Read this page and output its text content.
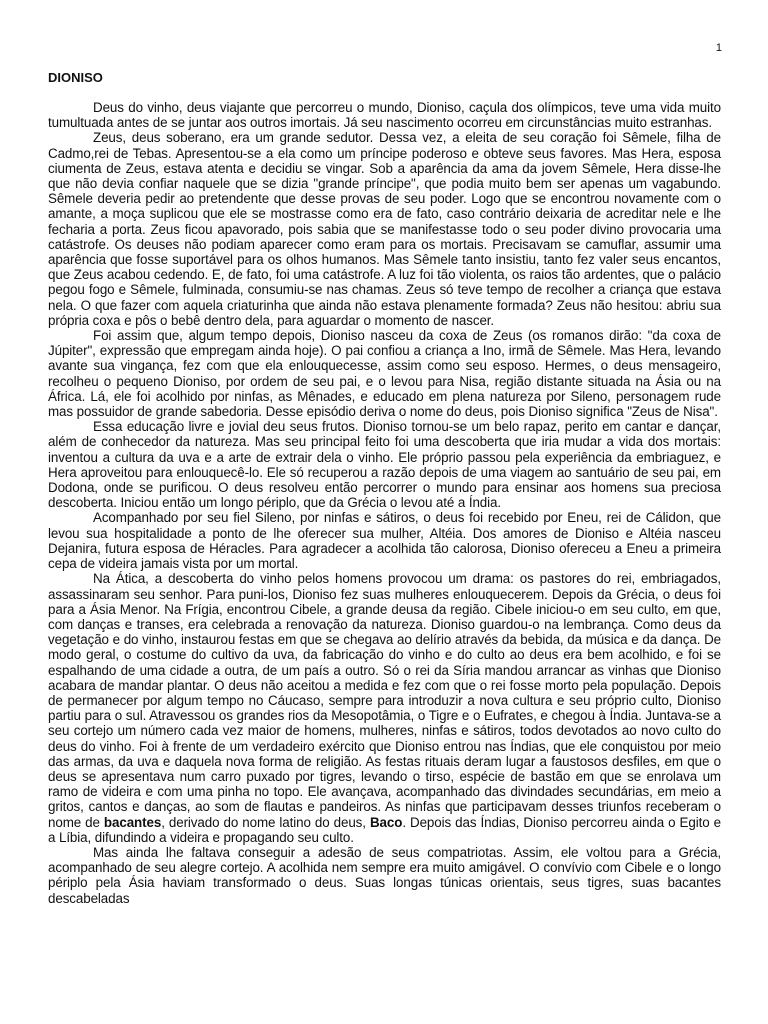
1
DIONISO

Deus do vinho, deus viajante que percorreu o mundo, Dioniso, caçula dos olímpicos, teve uma vida muito tumultuada antes de se juntar aos outros imortais. Já seu nascimento ocorreu em circunstâncias muito estranhas.

Zeus, deus soberano, era um grande sedutor. Dessa vez, a eleita de seu coração foi Sêmele, filha de Cadmo,rei de Tebas. Apresentou-se a ela como um príncipe poderoso e obteve seus favores. Mas Hera, esposa ciumenta de Zeus, estava atenta e decidiu se vingar. Sob a aparência da ama da jovem Sêmele, Hera disse-lhe que não devia confiar naquele que se dizia "grande príncipe", que podia muito bem ser apenas um vagabundo. Sêmele deveria pedir ao pretendente que desse provas de seu poder. Logo que se encontrou novamente com o amante, a moça suplicou que ele se mostrasse como era de fato, caso contrário deixaria de acreditar nele e lhe fecharia a porta. Zeus ficou apavorado, pois sabia que se manifestasse todo o seu poder divino provocaria uma catástrofe. Os deuses não podiam aparecer como eram para os mortais. Precisavam se camuflar, assumir uma aparência que fosse suportável para os olhos humanos. Mas Sêmele tanto insistiu, tanto fez valer seus encantos, que Zeus acabou cedendo. E, de fato, foi uma catástrofe. A luz foi tão violenta, os raios tão ardentes, que o palácio pegou fogo e Sêmele, fulminada, consumiu-se nas chamas. Zeus só teve tempo de recolher a criança que estava nela. O que fazer com aquela criaturinha que ainda não estava plenamente formada? Zeus não hesitou: abriu sua própria coxa e pôs o bebê dentro dela, para aguardar o momento de nascer.

Foi assim que, algum tempo depois, Dioniso nasceu da coxa de Zeus (os romanos dirão: "da coxa de Júpiter", expressão que empregam ainda hoje). O pai confiou a criança a Ino, irmã de Sêmele. Mas Hera, levando avante sua vingança, fez com que ela enlouquecesse, assim como seu esposo. Hermes, o deus mensageiro, recolheu o pequeno Dioniso, por ordem de seu pai, e o levou para Nisa, região distante situada na Ásia ou na África. Lá, ele foi acolhido por ninfas, as Mênades, e educado em plena natureza por Sileno, personagem rude mas possuidor de grande sabedoria. Desse episódio deriva o nome do deus, pois Dioniso significa "Zeus de Nisa".

Essa educação livre e jovial deu seus frutos. Dioniso tornou-se um belo rapaz, perito em cantar e dançar, além de conhecedor da natureza. Mas seu principal feito foi uma descoberta que iria mudar a vida dos mortais: inventou a cultura da uva e a arte de extrair dela o vinho. Ele próprio passou pela experiência da embriaguez, e Hera aproveitou para enlouquecê-lo. Ele só recuperou a razão depois de uma viagem ao santuário de seu pai, em Dodona, onde se purificou. O deus resolveu então percorrer o mundo para ensinar aos homens sua preciosa descoberta. Iniciou então um longo périplo, que da Grécia o levou até a Índia.

Acompanhado por seu fiel Sileno, por ninfas e sátiros, o deus foi recebido por Eneu, rei de Cálidon, que levou sua hospitalidade a ponto de lhe oferecer sua mulher, Altéia. Dos amores de Dioniso e Altéia nasceu Dejanira, futura esposa de Héracles. Para agradecer a acolhida tão calorosa, Dioniso ofereceu a Eneu a primeira cepa de videira jamais vista por um mortal.

Na Ática, a descoberta do vinho pelos homens provocou um drama: os pastores do rei, embriagados, assassinaram seu senhor. Para puni-los, Dioniso fez suas mulheres enlouquecerem. Depois da Grécia, o deus foi para a Ásia Menor. Na Frígia, encontrou Cibele, a grande deusa da região. Cibele iniciou-o em seu culto, em que, com danças e transes, era celebrada a renovação da natureza. Dioniso guardou-o na lembrança. Como deus da vegetação e do vinho, instaurou festas em que se chegava ao delírio através da bebida, da música e da dança. De modo geral, o costume do cultivo da uva, da fabricação do vinho e do culto ao deus era bem acolhido, e foi se espalhando de uma cidade a outra, de um país a outro. Só o rei da Síria mandou arrancar as vinhas que Dioniso acabara de mandar plantar. O deus não aceitou a medida e fez com que o rei fosse morto pela população. Depois de permanecer por algum tempo no Cáucaso, sempre para introduzir a nova cultura e seu próprio culto, Dioniso partiu para o sul. Atravessou os grandes rios da Mesopotâmia, o Tigre e o Eufrates, e chegou à Índia. Juntava-se a seu cortejo um número cada vez maior de homens, mulheres, ninfas e sátiros, todos devotados ao novo culto do deus do vinho. Foi à frente de um verdadeiro exército que Dioniso entrou nas Índias, que ele conquistou por meio das armas, da uva e daquela nova forma de religião. As festas rituais deram lugar a faustosos desfiles, em que o deus se apresentava num carro puxado por tigres, levando o tirso, espécie de bastão em que se enrolava um ramo de videira e com uma pinha no topo. Ele avançava, acompanhado das divindades secundárias, em meio a gritos, cantos e danças, ao som de flautas e pandeiros. As ninfas que participavam desses triunfos receberam o nome de bacantes, derivado do nome latino do deus, Baco. Depois das Índias, Dioniso percorreu ainda o Egito e a Líbia, difundindo a videira e propagando seu culto.

Mas ainda lhe faltava conseguir a adesão de seus compatriotas. Assim, ele voltou para a Grécia, acompanhado de seu alegre cortejo. A acolhida nem sempre era muito amigável. O convívio com Cibele e o longo périplo pela Ásia haviam transformado o deus. Suas longas túnicas orientais, seus tigres, suas bacantes descabeladas
